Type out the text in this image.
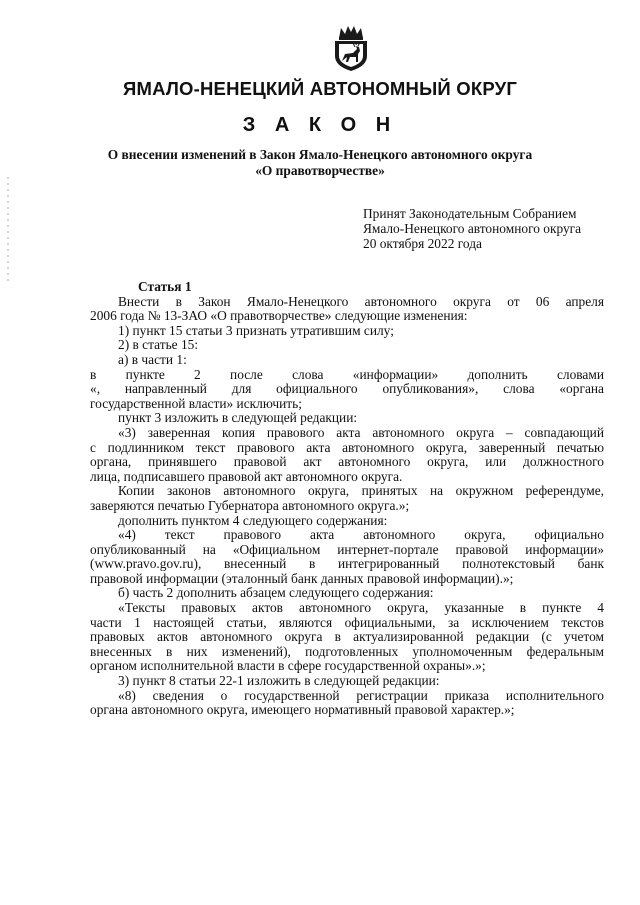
ЯМАЛО-НЕНЕЦКИЙ АВТОНОМНЫЙ ОКРУГ
З А К О Н
О внесении изменений в Закон Ямало-Ненецкого автономного округа
«О правотворчестве»
Принят Законодательным Собранием
Ямало-Ненецкого автономного округа
20 октября 2022 года

Статья 1

Внести в Закон Ямало-Ненецкого автономного округа от 06 апреля

2006 года № 13-ЗАО «О правотворчестве» следующие изменения:

1) пункт 15 статьи 3 признать утратившим силу;

2) в статье 15:

а) в части 1:

в пункте 2 после слова «информации» дополнить словами

«, направленный для официального опубликования», слова «органа

государственной власти» исключить;

пункт 3 изложить в следующей редакции:

«3) заверенная копия правового акта автономного округа – совпадающий

с подлинником текст правового акта автономного округа, заверенный печатью

органа, принявшего правовой акт автономного округа, или должностного

лица, подписавшего правовой акт автономного округа.

Копии законов автономного округа, принятых на окружном референдуме,

заверяются печатью Губернатора автономного округа.»;

дополнить пунктом 4 следующего содержания:

«4) текст правового акта автономного округа, официально

опубликованный на «Официальном интернет-портале правовой информации»

(www.pravo.gov.ru), внесенный в интегрированный полнотекстовый банк

правовой информации (эталонный банк данных правовой информации).»;

б) часть 2 дополнить абзацем следующего содержания:

«Тексты правовых актов автономного округа, указанные в пункте 4

части 1 настоящей статьи, являются официальными, за исключением текстов

правовых актов автономного округа в актуализированной редакции (с учетом

внесенных в них изменений), подготовленных уполномоченным федеральным

органом исполнительной власти в сфере государственной охраны».»;

3) пункт 8 статьи 22-1 изложить в следующей редакции:

«8) сведения о государственной регистрации приказа исполнительного

органа автономного округа, имеющего нормативный правовой характер.»;
